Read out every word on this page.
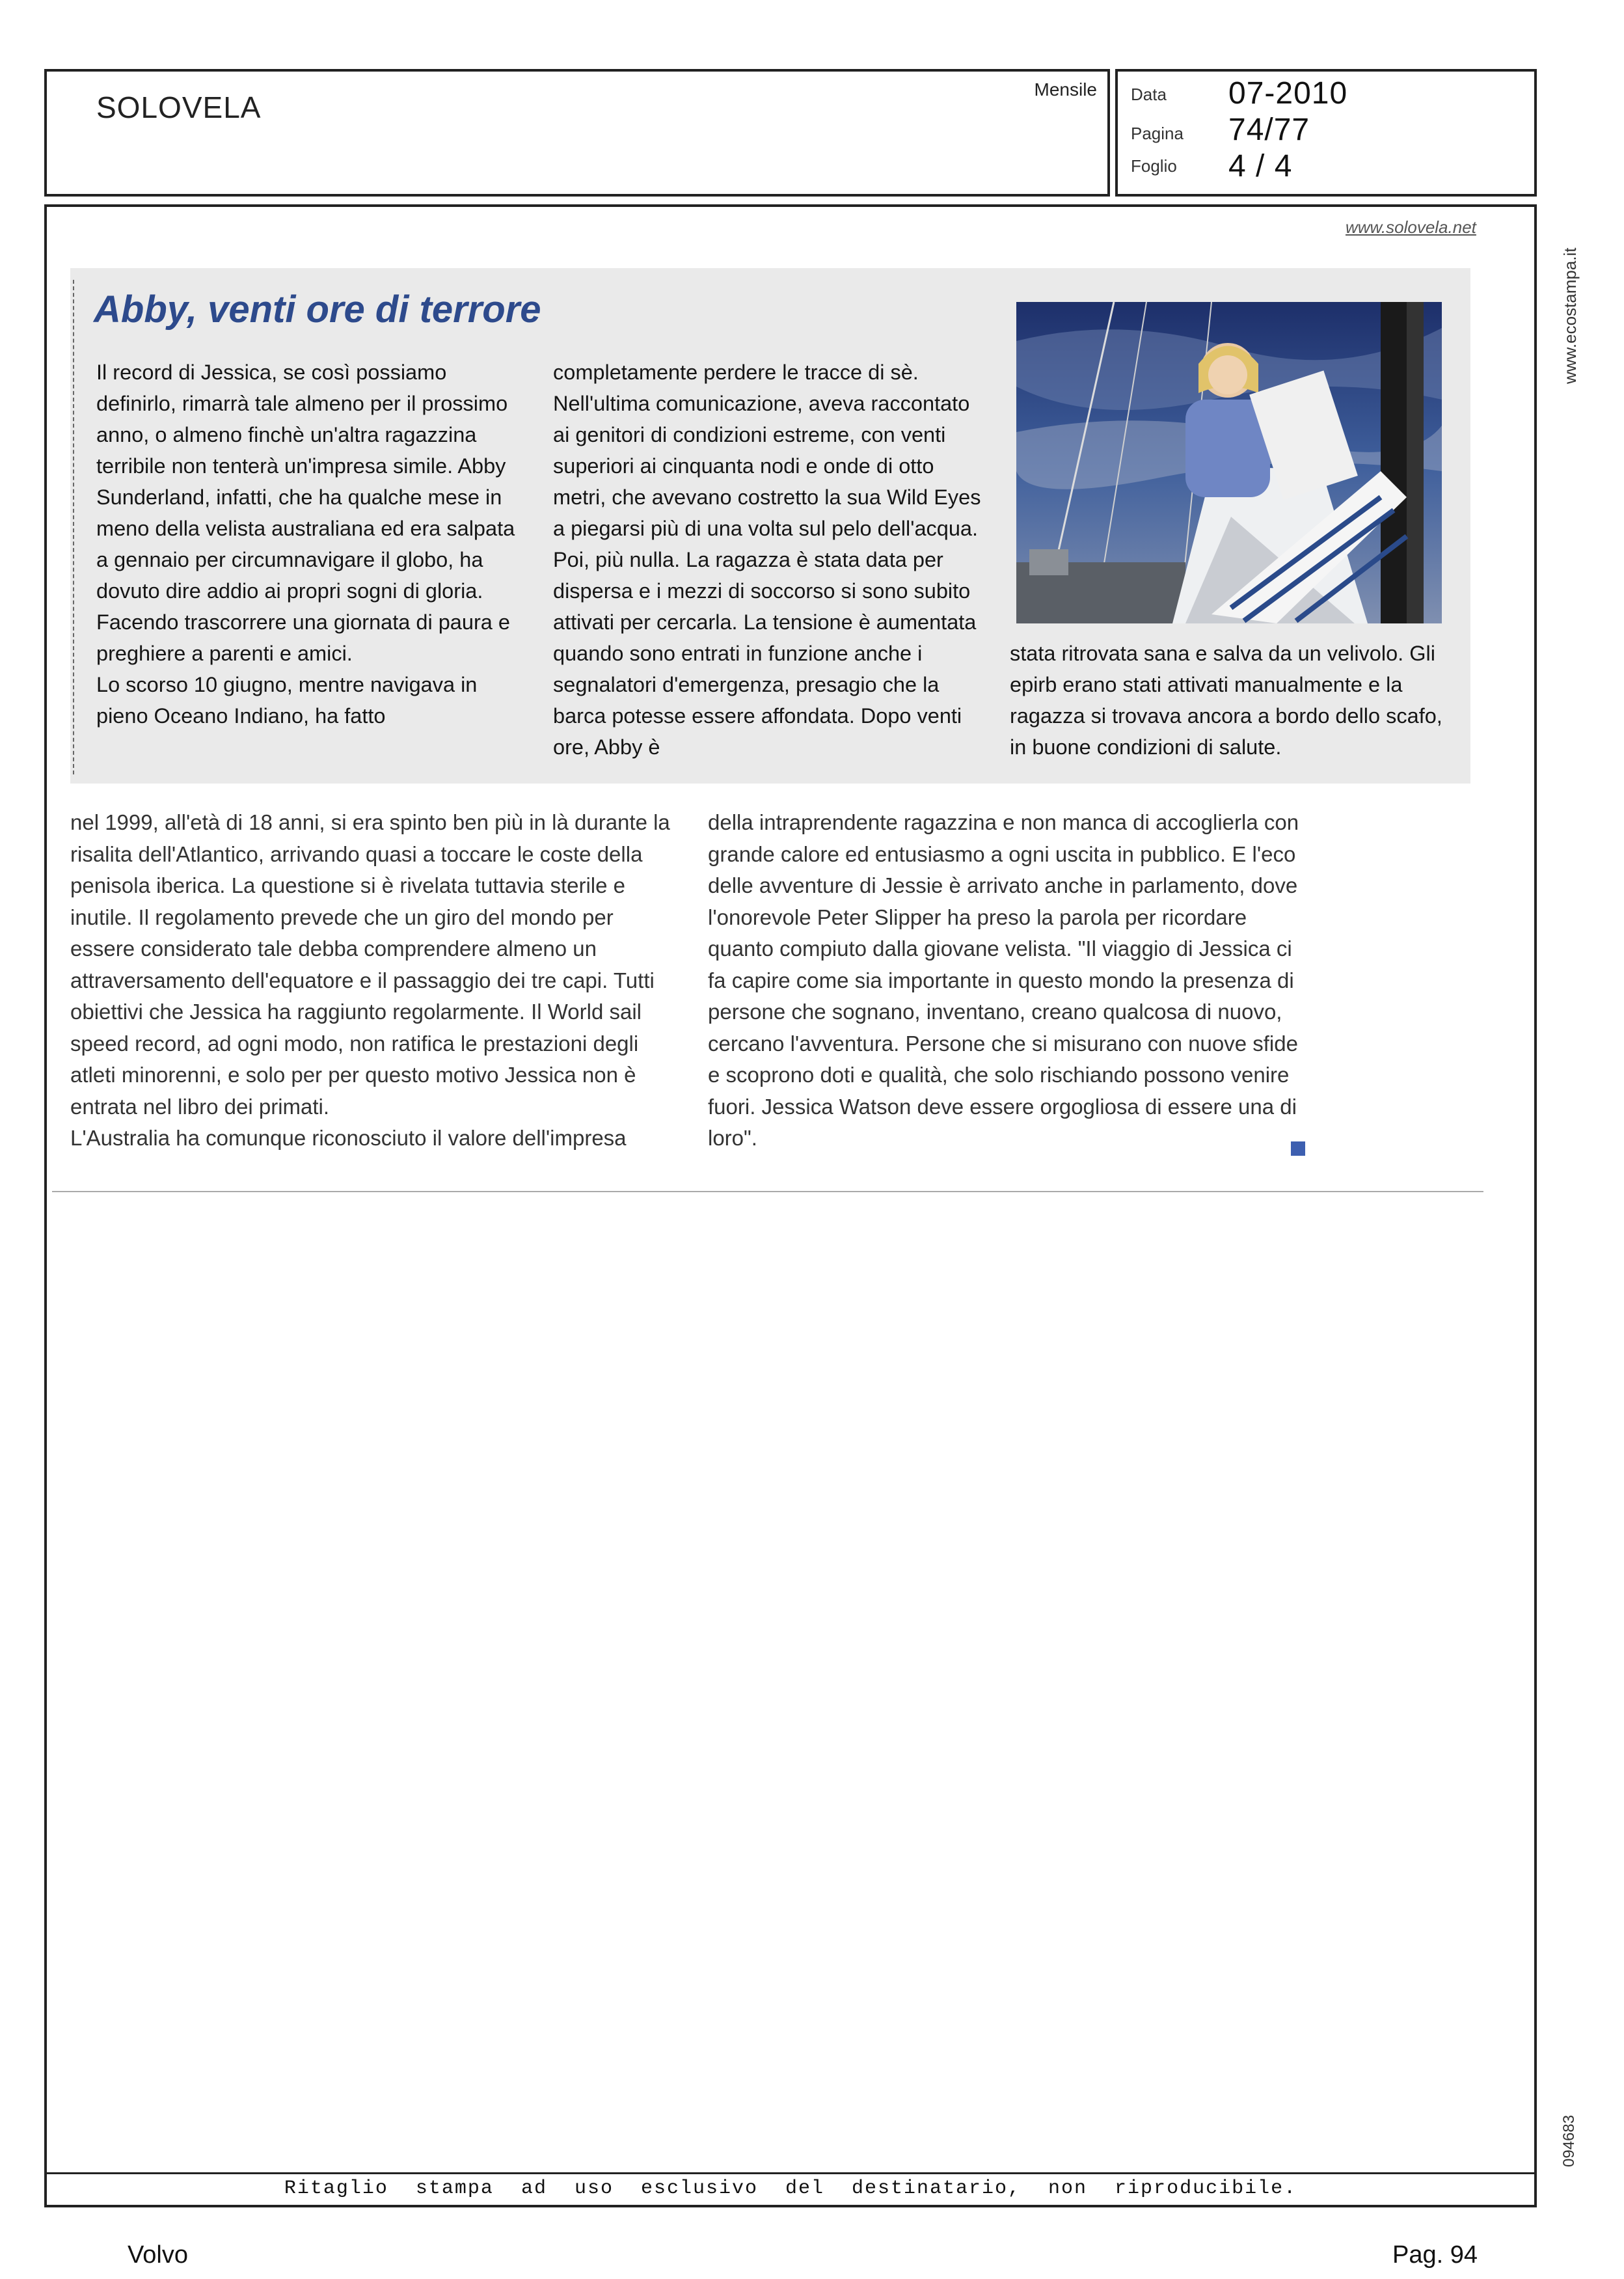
SOLOVELA
Mensile Data 07-2010
Pagina 74/77
Foglio 4 / 4
www.solovela.net
www.ecostampa.it
094683
Abby, venti ore di terrore

Il record di Jessica, se così possiamo definirlo, rimarrà tale almeno per il prossimo anno, o almeno finchè un'altra ragazzina terribile non tenterà un'impresa simile. Abby Sunderland, infatti, che ha qualche mese in meno della velista australiana ed era salpata a gennaio per circumnavigare il globo, ha dovuto dire addio ai propri sogni di gloria. Facendo trascorrere una giornata di paura e preghiere a parenti e amici.

Lo scorso 10 giugno, mentre navigava in pieno Oceano Indiano, ha fatto

completamente perdere le tracce di sè. Nell'ultima comunicazione, aveva raccontato ai genitori di condizioni estreme, con venti superiori ai cinquanta nodi e onde di otto metri, che avevano costretto la sua Wild Eyes a piegarsi più di una volta sul pelo dell'acqua. Poi, più nulla. La ragazza è stata data per dispersa e i mezzi di soccorso si sono subito attivati per cercarla. La tensione è aumentata quando sono entrati in funzione anche i segnalatori d'emergenza, presagio che la barca potesse essere affondata. Dopo venti ore, Abby è

stata ritrovata sana e salva da un velivolo. Gli epirb erano stati attivati manualmente e la ragazza si trovava ancora a bordo dello scafo, in buone condizioni di salute.

nel 1999, all'età di 18 anni, si era spinto ben più in là durante la risalita dell'Atlantico, arrivando quasi a toccare le coste della penisola iberica. La questione si è rivelata tuttavia sterile e inutile. Il regolamento prevede che un giro del mondo per essere considerato tale debba comprendere almeno un attraversamento dell'equatore e il passaggio dei tre capi. Tutti obiettivi che Jessica ha raggiunto regolarmente. Il World sail speed record, ad ogni modo, non ratifica le prestazioni degli atleti minorenni, e solo per per questo motivo Jessica non è entrata nel libro dei primati.

L'Australia ha comunque riconosciuto il valore dell'impresa

della intraprendente ragazzina e non manca di accoglierla con grande calore ed entusiasmo a ogni uscita in pubblico. E l'eco delle avventure di Jessie è arrivato anche in parlamento, dove l'onorevole Peter Slipper ha preso la parola per ricordare quanto compiuto dalla giovane velista. "Il viaggio di Jessica ci fa capire come sia importante in questo mondo la presenza di persone che sognano, inventano, creano qualcosa di nuovo, cercano l'avventura. Persone che si misurano con nuove sfide e scoprono doti e qualità, che solo rischiando possono venire fuori. Jessica Watson deve essere orgogliosa di essere una di loro".

Ritaglio stampa ad uso esclusivo del destinatario, non riproducibile.
Volvo	Pag. 94
